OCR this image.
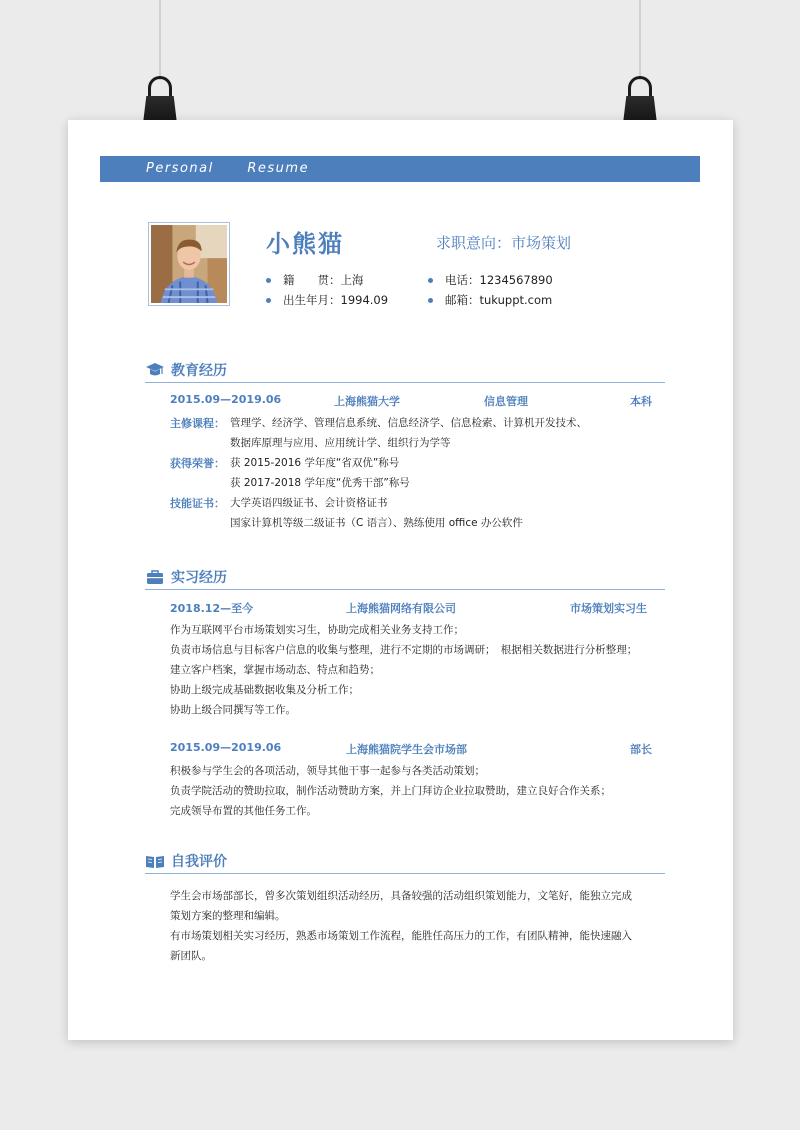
Personal	Resume
小熊猫	求职意向：市场策划
籍　　贯：上海
出生年月：1994.09
电话：1234567890
邮箱：tukuppt.com
教育经历
2015.09—2019.06	上海熊猫大学	信息管理	本科
主修课程： 管理学、经济学、管理信息系统、信息经济学、信息检索、计算机开发技术、
数据库原理与应用、应用统计学、组织行为学等
获得荣誉： 获 2015-2016 学年度“省双优”称号
获 2017-2018 学年度“优秀干部”称号
技能证书： 大学英语四级证书、会计资格证书
国家计算机等级二级证书（C 语言）、熟练使用 office 办公软件
实习经历
2018.12—至今	上海熊猫网络有限公司	市场策划实习生
作为互联网平台市场策划实习生，协助完成相关业务支持工作；
负责市场信息与目标客户信息的收集与整理，进行不定期的市场调研；　根据相关数据进行分析整理；
建立客户档案，掌握市场动态、特点和趋势；
协助上级完成基础数据收集及分析工作；
协助上级合同撰写等工作。
2015.09—2019.06	上海熊猫院学生会市场部	部长
积极参与学生会的各项活动，领导其他干事一起参与各类活动策划；
负责学院活动的赞助拉取，制作活动赞助方案，并上门拜访企业拉取赞助，建立良好合作关系；
完成领导布置的其他任务工作。
自我评价
学生会市场部部长，曾多次策划组织活动经历，具备较强的活动组织策划能力，文笔好，能独立完成
策划方案的整理和编辑。
有市场策划相关实习经历，熟悉市场策划工作流程，能胜任高压力的工作，有团队精神，能快速融入
新团队。
